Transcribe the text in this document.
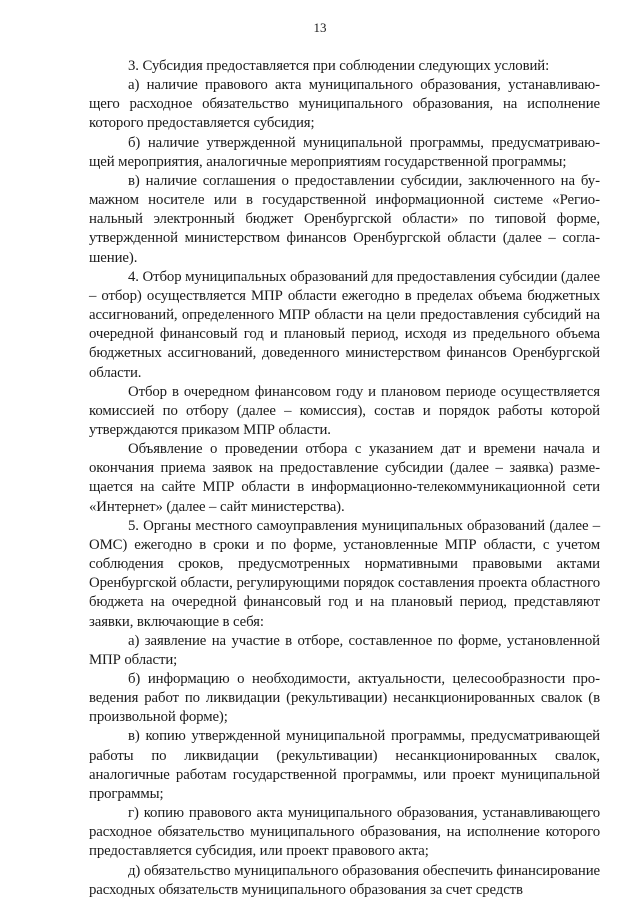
13

3. Субсидия предоставляется при соблюдении следующих условий:

а) наличие правового акта муниципального образования, устанавливающего расходное обязательство муниципального образования, на исполнение которого предоставляется субсидия;

б) наличие утвержденной муниципальной программы, предусматривающей мероприятия, аналогичные мероприятиям государственной программы;

в) наличие соглашения о предоставлении субсидии, заключенного на бумажном носителе или в государственной информационной системе «Региональный электронный бюджет Оренбургской области» по типовой форме, утвержденной министерством финансов Оренбургской области (далее – соглашение).

4. Отбор муниципальных образований для предоставления субсидии (далее – отбор) осуществляется МПР области ежегодно в пределах объема бюджетных ассигнований, определенного МПР области на цели предоставления субсидий на очередной финансовый год и плановый период, исходя из предельного объема бюджетных ассигнований, доведенного министерством финансов Оренбургской области.

Отбор в очередном финансовом году и плановом периоде осуществляется комиссией по отбору (далее – комиссия), состав и порядок работы которой утверждаются приказом МПР области.

Объявление о проведении отбора с указанием дат и времени начала и окончания приема заявок на предоставление субсидии (далее – заявка) размещается на сайте МПР области в информационно-телекоммуникационной сети «Интернет» (далее – сайт министерства).

5. Органы местного самоуправления муниципальных образований (далее – ОМС) ежегодно в сроки и по форме, установленные МПР области, с учетом соблюдения сроков, предусмотренных нормативными правовыми актами Оренбургской области, регулирующими порядок составления проекта областного бюджета на очередной финансовый год и на плановый период, представляют заявки, включающие в себя:

а) заявление на участие в отборе, составленное по форме, установленной МПР области;

б) информацию о необходимости, актуальности, целесообразности проведения работ по ликвидации (рекультивации) несанкционированных свалок (в произвольной форме);

в) копию утвержденной муниципальной программы, предусматривающей работы по ликвидации (рекультивации) несанкционированных свалок, аналогичные работам государственной программы, или проект муниципальной программы;

г) копию правового акта муниципального образования, устанавливающего расходное обязательство муниципального образования, на исполнение которого предоставляется субсидия, или проект правового акта;

д) обязательство муниципального образования обеспечить финансирование расходных обязательств муниципального образования за счет средств
